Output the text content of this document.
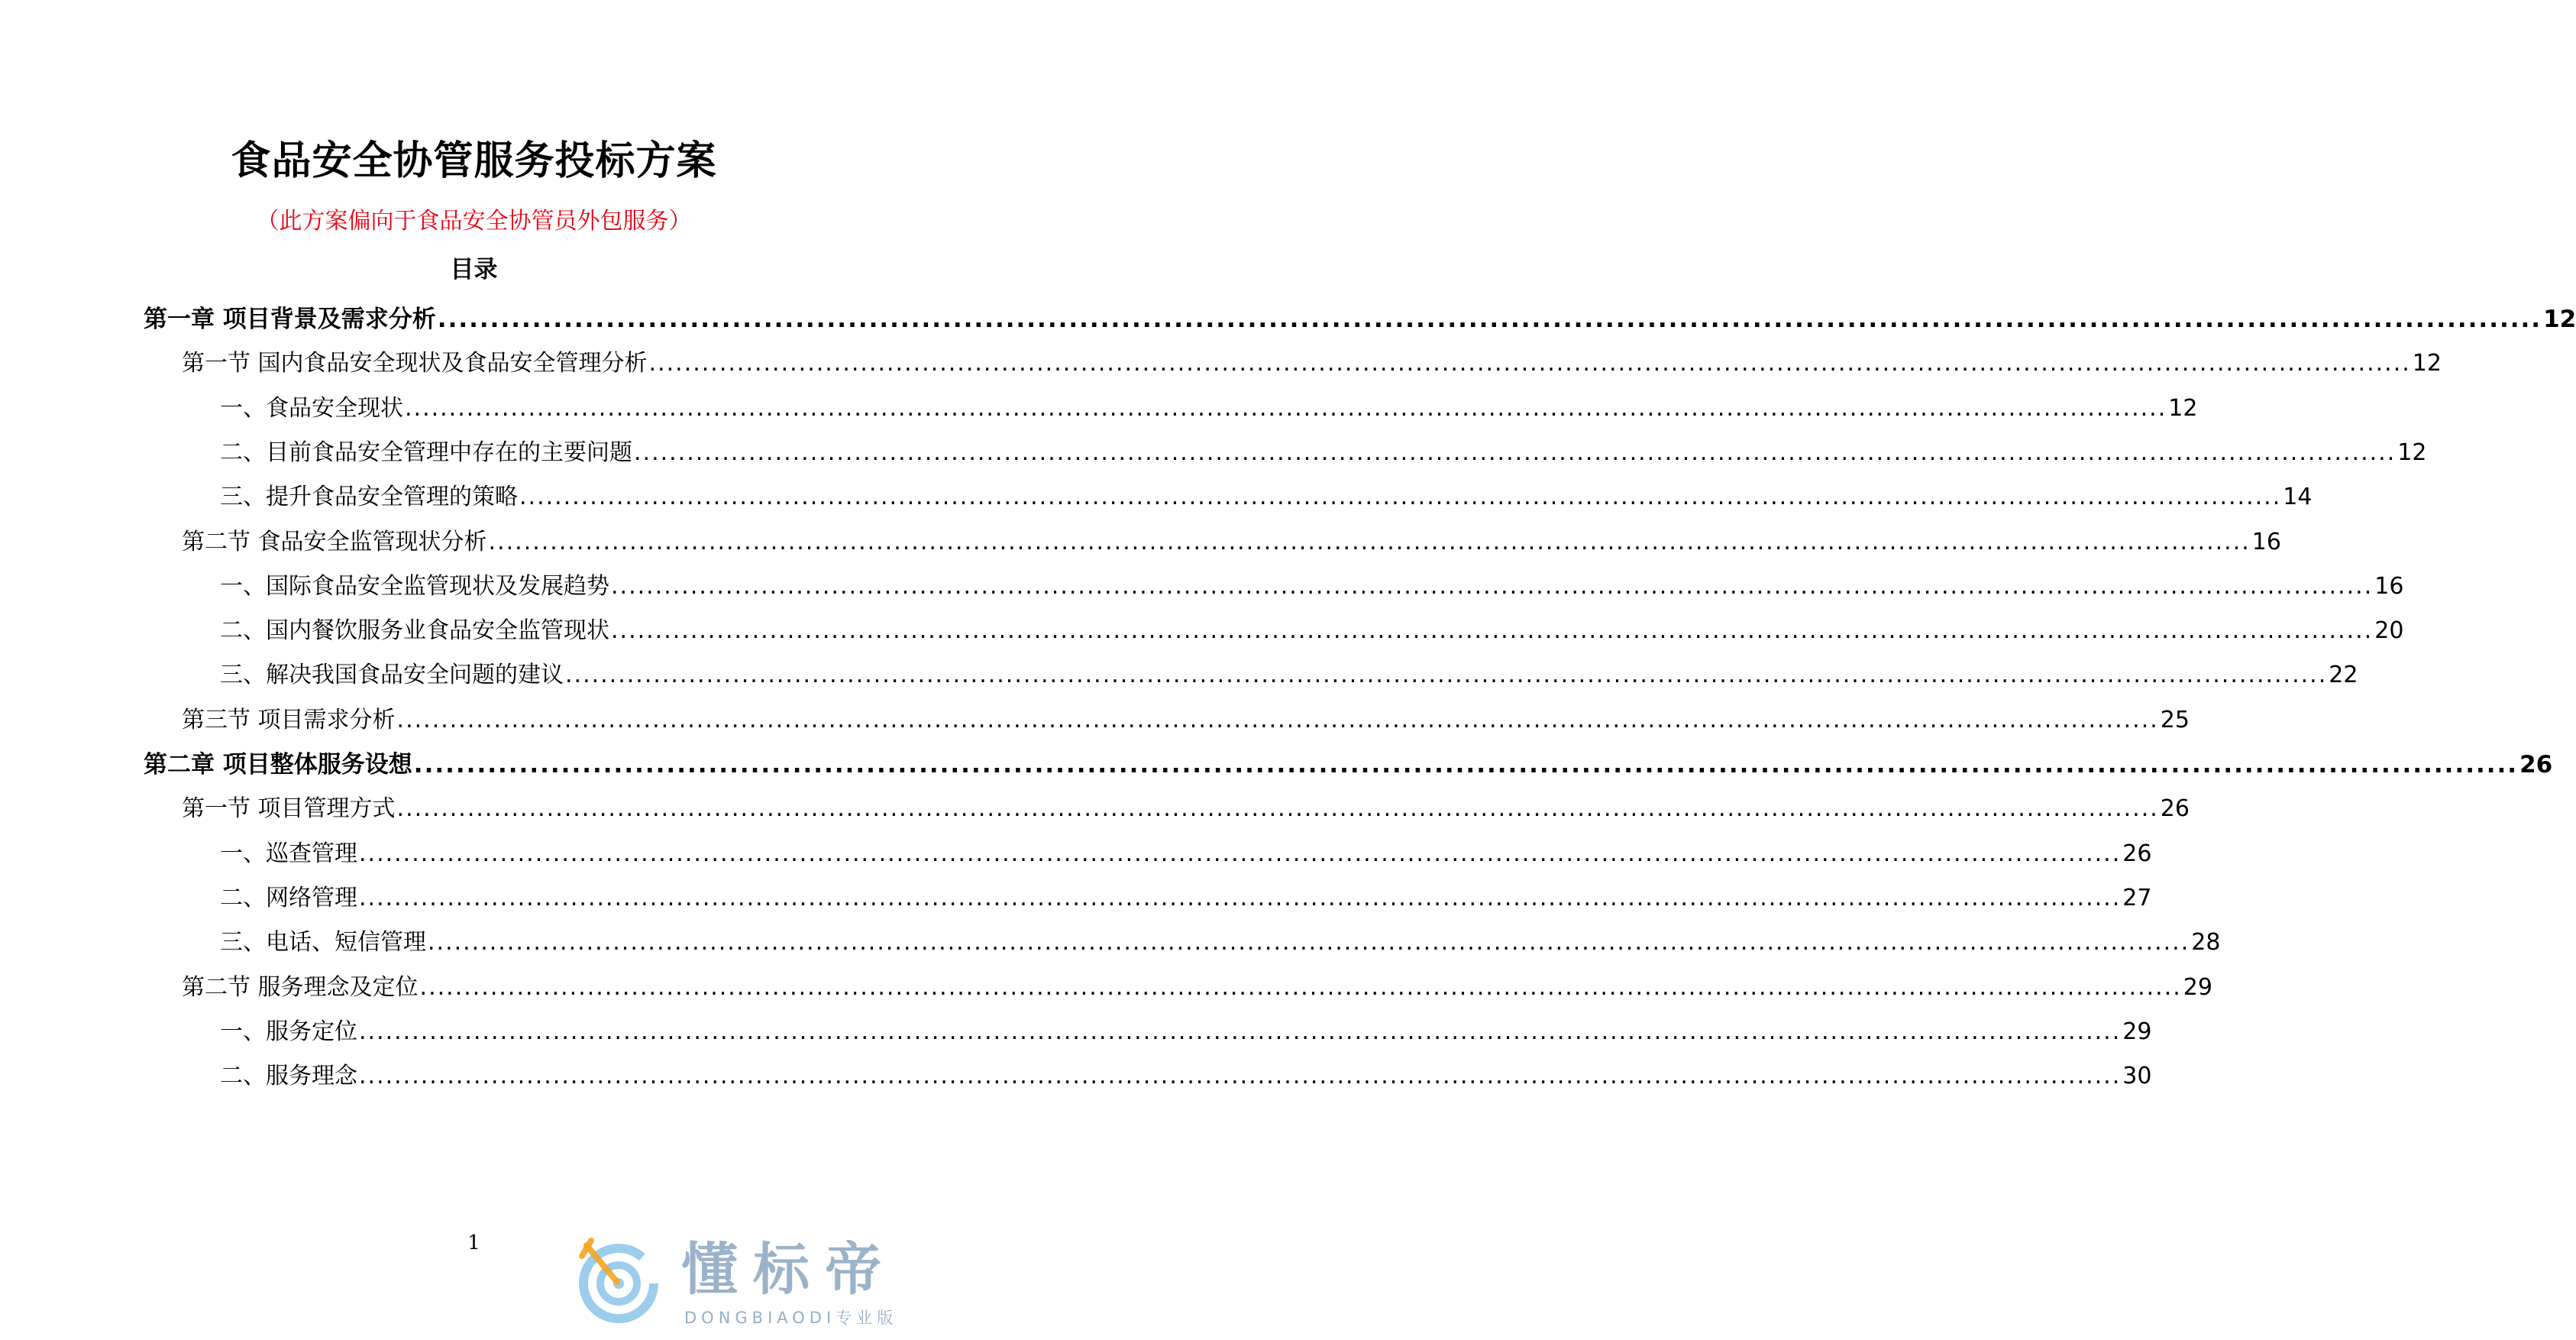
食品安全协管服务投标方案
（此方案偏向于食品安全协管员外包服务）
目录
第一章 项目背景及需求分析 ........................................................................................................................................................................................................ 12
第一节 国内食品安全现状及食品安全管理分析 ........................................................................................................................................................................................................ 12
一、食品安全现状 ........................................................................................................................................................................................................ 12
二、目前食品安全管理中存在的主要问题 ........................................................................................................................................................................................................ 12
三、提升食品安全管理的策略 ........................................................................................................................................................................................................ 14
第二节 食品安全监管现状分析 ........................................................................................................................................................................................................ 16
一、国际食品安全监管现状及发展趋势 ........................................................................................................................................................................................................ 16
二、国内餐饮服务业食品安全监管现状 ........................................................................................................................................................................................................ 20
三、解决我国食品安全问题的建议 ........................................................................................................................................................................................................ 22
第三节 项目需求分析 ........................................................................................................................................................................................................ 25
第二章 项目整体服务设想 ........................................................................................................................................................................................................ 26
第一节 项目管理方式 ........................................................................................................................................................................................................ 26
一、巡查管理 ........................................................................................................................................................................................................ 26
二、网络管理 ........................................................................................................................................................................................................ 27
三、电话、短信管理 ........................................................................................................................................................................................................ 28
第二节 服务理念及定位 ........................................................................................................................................................................................................ 29
一、服务定位 ........................................................................................................................................................................................................ 29
二、服务理念 ........................................................................................................................................................................................................ 30
1	懂标帝
DONGBIAODI专业版
